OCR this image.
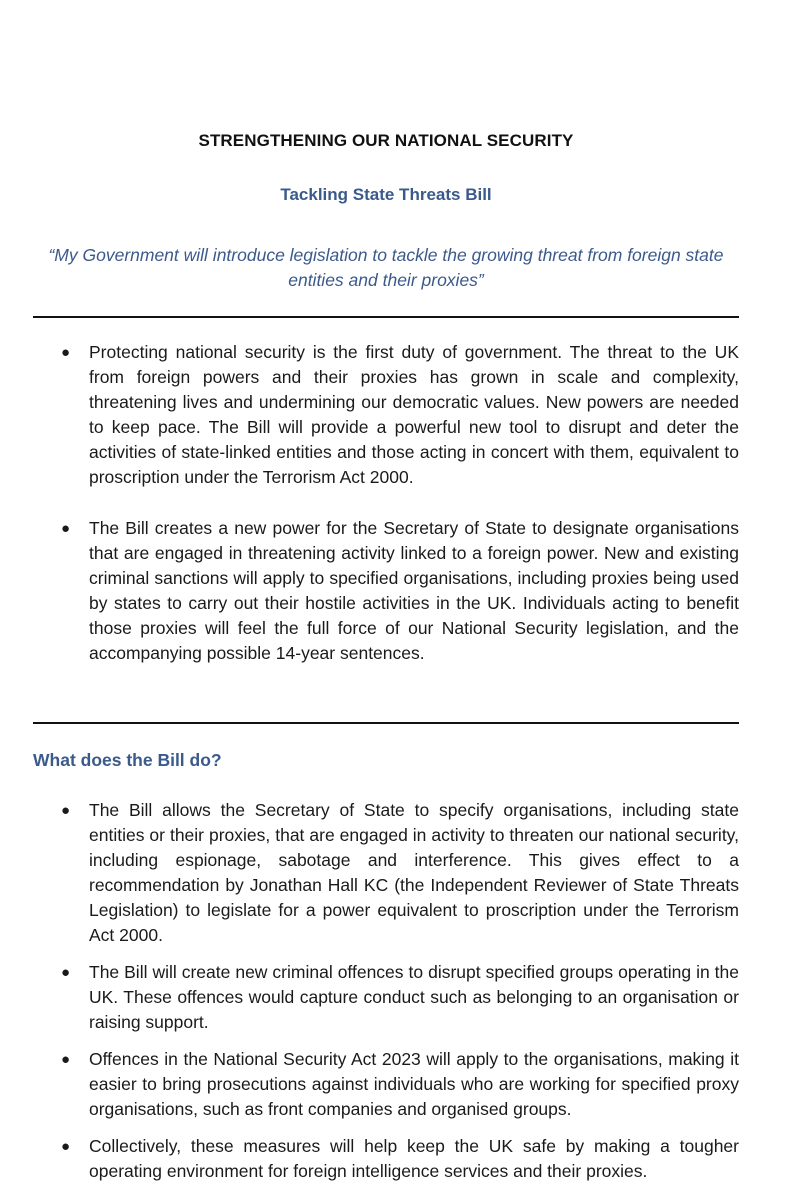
STRENGTHENING OUR NATIONAL SECURITY
Tackling State Threats Bill
“My Government will introduce legislation to tackle the growing threat from foreign state entities and their proxies”
● Protecting national security is the first duty of government. The threat to the UK from foreign powers and their proxies has grown in scale and complexity, threatening lives and undermining our democratic values. New powers are needed to keep pace. The Bill will provide a powerful new tool to disrupt and deter the activities of state-linked entities and those acting in concert with them, equivalent to proscription under the Terrorism Act 2000.
● The Bill creates a new power for the Secretary of State to designate organisations that are engaged in threatening activity linked to a foreign power. New and existing criminal sanctions will apply to specified organisations, including proxies being used by states to carry out their hostile activities in the UK. Individuals acting to benefit those proxies will feel the full force of our National Security legislation, and the accompanying possible 14-year sentences.
What does the Bill do?
● The Bill allows the Secretary of State to specify organisations, including state entities or their proxies, that are engaged in activity to threaten our national security, including espionage, sabotage and interference. This gives effect to a recommendation by Jonathan Hall KC (the Independent Reviewer of State Threats Legislation) to legislate for a power equivalent to proscription under the Terrorism Act 2000.
● The Bill will create new criminal offences to disrupt specified groups operating in the UK. These offences would capture conduct such as belonging to an organisation or raising support.
● Offences in the National Security Act 2023 will apply to the organisations, making it easier to bring prosecutions against individuals who are working for specified proxy organisations, such as front companies and organised groups.
● Collectively, these measures will help keep the UK safe by making a tougher operating environment for foreign intelligence services and their proxies.
